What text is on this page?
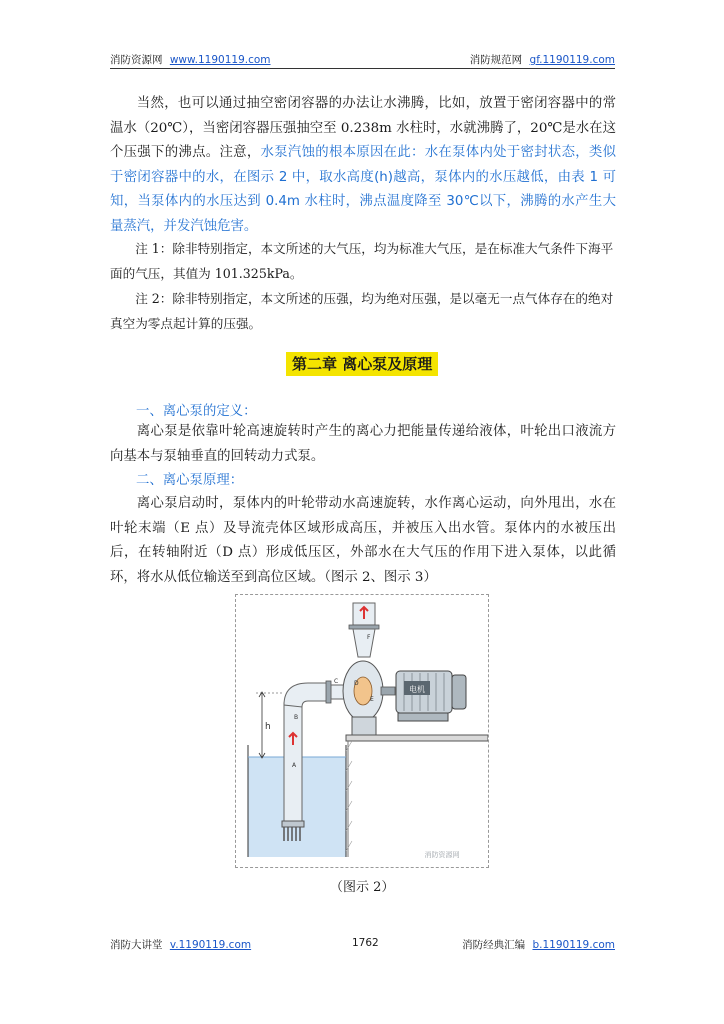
消防资源网 www.1190119.com	消防规范网 gf.1190119.com
当然，也可以通过抽空密闭容器的办法让水沸腾，比如，放置于密闭容器中的常温水（20℃），当密闭容器压强抽空至 0.238m 水柱时，水就沸腾了，20℃是水在这个压强下的沸点。注意，水泵汽蚀的根本原因在此：水在泵体内处于密封状态，类似于密闭容器中的水，在图示 2 中，取水高度(h)越高，泵体内的水压越低，由表 1 可知，当泵体内的水压达到 0.4m 水柱时，沸点温度降至 30℃以下，沸腾的水产生大量蒸汽，并发汽蚀危害。
注 1：除非特别指定，本文所述的大气压，均为标准大气压，是在标准大气条件下海平面的气压，其值为 101.325kPa。
注 2：除非特别指定，本文所述的压强，均为绝对压强，是以毫无一点气体存在的绝对真空为零点起计算的压强。
第二章 离心泵及原理
一、离心泵的定义：
离心泵是依靠叶轮高速旋转时产生的离心力把能量传递给液体，叶轮出口液流方向基本与泵轴垂直的回转动力式泵。
二、离心泵原理：
离心泵启动时，泵体内的叶轮带动水高速旋转，水作离心运动，向外甩出，水在叶轮末端（E 点）及导流壳体区域形成高压，并被压入出水管。泵体内的水被压出后，在转轴附近（D 点）形成低压区，外部水在大气压的作用下进入泵体，以此循环，将水从低位输送至到高位区域。（图示 2、图示 3）
电机
h
B
A
C	D
E
F
消防资源网
（图示 2）
消防大讲堂 v.1190119.com	1762	消防经典汇编 b.1190119.com
